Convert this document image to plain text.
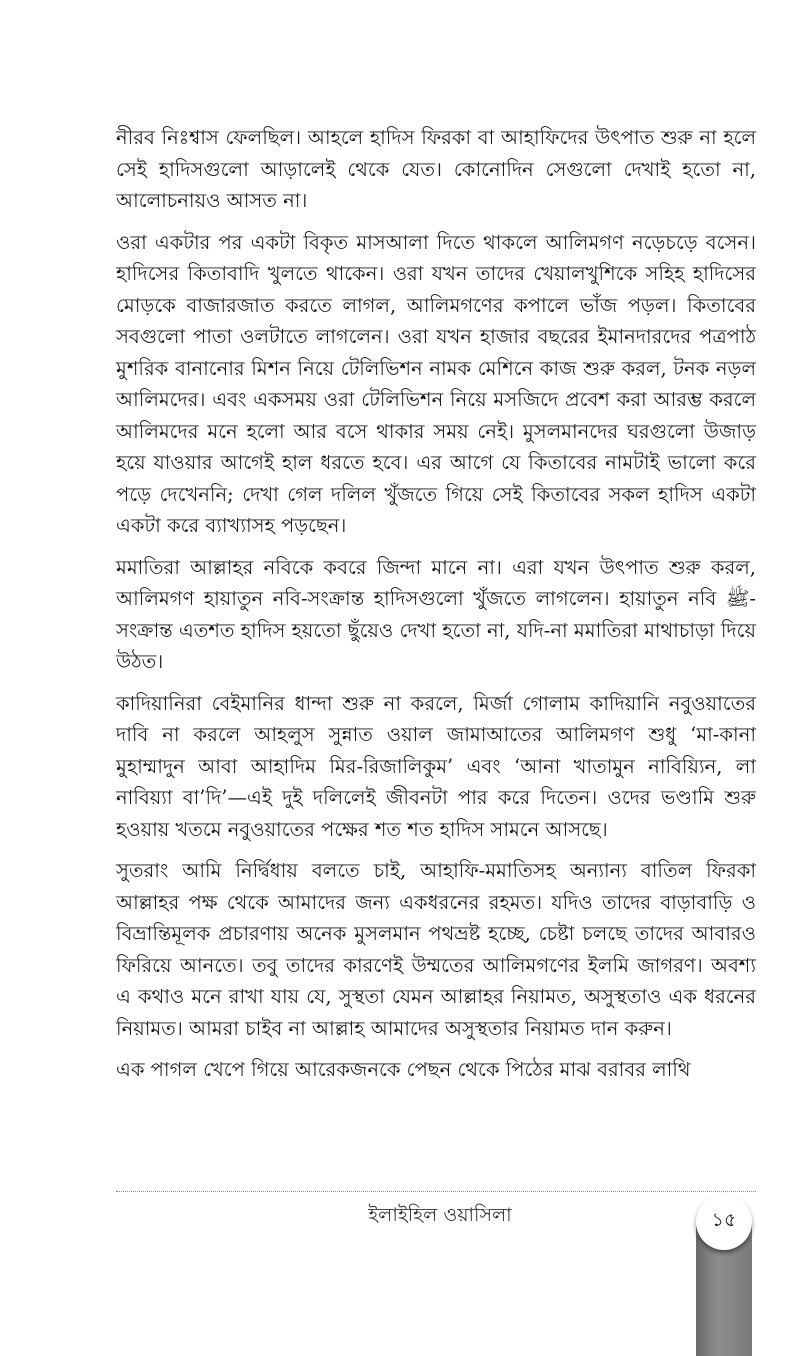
নীরব নিঃশ্বাস ফেলছিল। আহলে হাদিস ফিরকা বা আহাফিদের উৎপাত শুরু না হলে সেই হাদিসগুলো আড়ালেই থেকে যেত। কোনোদিন সেগুলো দেখাই হতো না, আলোচনায়ও আসত না।

ওরা একটার পর একটা বিকৃত মাসআলা দিতে থাকলে আলিমগণ নড়েচড়ে বসেন। হাদিসের কিতাবাদি খুলতে থাকেন। ওরা যখন তাদের খেয়ালখুশিকে সহিহ হাদিসের মোড়কে বাজারজাত করতে লাগল, আলিমগণের কপালে ভাঁজ পড়ল। কিতাবের সবগুলো পাতা ওলটাতে লাগলেন। ওরা যখন হাজার বছরের ইমানদারদের পত্রপাঠ মুশরিক বানানোর মিশন নিয়ে টেলিভিশন নামক মেশিনে কাজ শুরু করল, টনক নড়ল আলিমদের। এবং একসময় ওরা টেলিভিশন নিয়ে মসজিদে প্রবেশ করা আরম্ভ করলে আলিমদের মনে হলো আর বসে থাকার সময় নেই। মুসলমানদের ঘরগুলো উজাড় হয়ে যাওয়ার আগেই হাল ধরতে হবে। এর আগে যে কিতাবের নামটাই ভালো করে পড়ে দেখেননি; দেখা গেল দলিল খুঁজতে গিয়ে সেই কিতাবের সকল হাদিস একটা একটা করে ব্যাখ্যাসহ পড়ছেন।

মমাতিরা আল্লাহর নবিকে কবরে জিন্দা মানে না। এরা যখন উৎপাত শুরু করল, আলিমগণ হায়াতুন নবি-সংক্রান্ত হাদিসগুলো খুঁজতে লাগলেন। হায়াতুন নবি ﷺ-সংক্রান্ত এতশত হাদিস হয়তো ছুঁয়েও দেখা হতো না, যদি-না মমাতিরা মাথাচাড়া দিয়ে উঠত।

কাদিয়ানিরা বেইমানির ধান্দা শুরু না করলে, মির্জা গোলাম কাদিয়ানি নবুওয়াতের দাবি না করলে আহলুস সুন্নাত ওয়াল জামাআতের আলিমগণ শুধু ‘মা-কানা মুহাম্মাদুন আবা আহাদিম মির-রিজালিকুম’ এবং ‘আনা খাতামুন নাবিয়্যিন, লা নাবিয়্যা বা’দি’—এই দুই দলিলেই জীবনটা পার করে দিতেন। ওদের ভণ্ডামি শুরু হওয়ায় খতমে নবুওয়াতের পক্ষের শত শত হাদিস সামনে আসছে।

সুতরাং আমি নির্দ্বিধায় বলতে চাই, আহাফি-মমাতিসহ অন্যান্য বাতিল ফিরকা আল্লাহর পক্ষ থেকে আমাদের জন্য একধরনের রহমত। যদিও তাদের বাড়াবাড়ি ও বিভ্রান্তিমূলক প্রচারণায় অনেক মুসলমান পথভ্রষ্ট হচ্ছে, চেষ্টা চলছে তাদের আবারও ফিরিয়ে আনতে। তবু তাদের কারণেই উম্মতের আলিমগণের ইলমি জাগরণ। অবশ্য এ কথাও মনে রাখা যায় যে, সুস্থতা যেমন আল্লাহর নিয়ামত, অসুস্থতাও এক ধরনের নিয়ামত। আমরা চাইব না আল্লাহ আমাদের অসুস্থতার নিয়ামত দান করুন।

এক পাগল খেপে গিয়ে আরেকজনকে পেছন থেকে পিঠের মাঝ বরাবর লাথি

ইলাইহিল ওয়াসিলা	১৫
